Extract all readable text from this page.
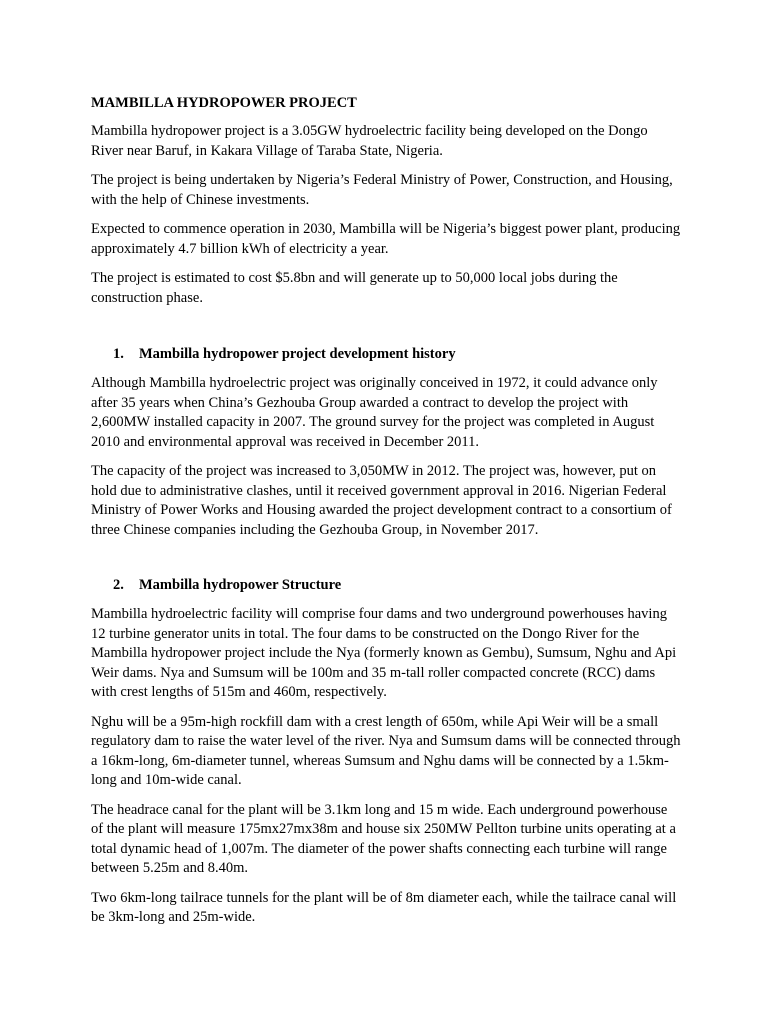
MAMBILLA HYDROPOWER PROJECT

Mambilla hydropower project is a 3.05GW hydroelectric facility being developed on the Dongo River near Baruf, in Kakara Village of Taraba State, Nigeria.

The project is being undertaken by Nigeria’s Federal Ministry of Power, Construction, and Housing, with the help of Chinese investments.

Expected to commence operation in 2030, Mambilla will be Nigeria’s biggest power plant, producing approximately 4.7 billion kWh of electricity a year.

The project is estimated to cost $5.8bn and will generate up to 50,000 local jobs during the construction phase.

1.	Mambilla hydropower project development history

Although Mambilla hydroelectric project was originally conceived in 1972, it could advance only after 35 years when China’s Gezhouba Group awarded a contract to develop the project with 2,600MW installed capacity in 2007. The ground survey for the project was completed in August 2010 and environmental approval was received in December 2011.

The capacity of the project was increased to 3,050MW in 2012. The project was, however, put on hold due to administrative clashes, until it received government approval in 2016. Nigerian Federal Ministry of Power Works and Housing awarded the project development contract to a consortium of three Chinese companies including the Gezhouba Group, in November 2017.

2.	Mambilla hydropower Structure

Mambilla hydroelectric facility will comprise four dams and two underground powerhouses having 12 turbine generator units in total. The four dams to be constructed on the Dongo River for the Mambilla hydropower project include the Nya (formerly known as Gembu), Sumsum, Nghu and Api Weir dams. Nya and Sumsum will be 100m and 35 m-tall roller compacted concrete (RCC) dams with crest lengths of 515m and 460m, respectively.

Nghu will be a 95m-high rockfill dam with a crest length of 650m, while Api Weir will be a small regulatory dam to raise the water level of the river. Nya and Sumsum dams will be connected through a 16km-long, 6m-diameter tunnel, whereas Sumsum and Nghu dams will be connected by a 1.5km-long and 10m-wide canal.

The headrace canal for the plant will be 3.1km long and 15 m wide. Each underground powerhouse of the plant will measure 175mx27mx38m and house six 250MW Pellton turbine units operating at a total dynamic head of 1,007m. The diameter of the power shafts connecting each turbine will range between 5.25m and 8.40m.

Two 6km-long tailrace tunnels for the plant will be of 8m diameter each, while the tailrace canal will be 3km-long and 25m-wide.
